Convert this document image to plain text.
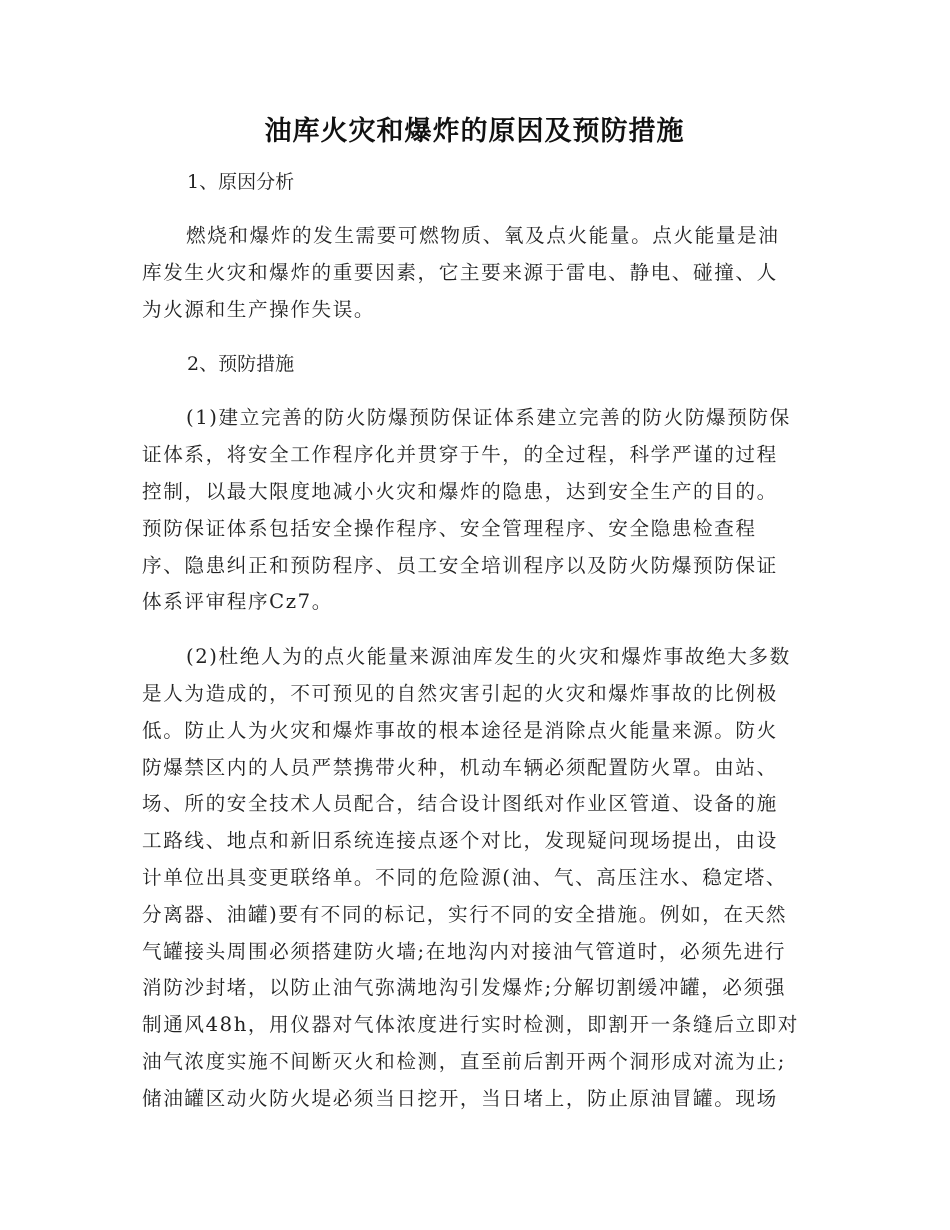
油库火灾和爆炸的原因及预防措施
1、原因分析

燃烧和爆炸的发生需要可燃物质、氧及点火能量。点火能量是油
库发生火灾和爆炸的重要因素，它主要来源于雷电、静电、碰撞、人
为火源和生产操作失误。

2、预防措施

(1)建立完善的防火防爆预防保证体系建立完善的防火防爆预防保
证体系，将安全工作程序化并贯穿于牛，的全过程，科学严谨的过程
控制，以最大限度地减小火灾和爆炸的隐患，达到安全生产的目的。
预防保证体系包括安全操作程序、安全管理程序、安全隐患检查程
序、隐患纠正和预防程序、员工安全培训程序以及防火防爆预防保证
体系评审程序Cz7。

(2)杜绝人为的点火能量来源油库发生的火灾和爆炸事故绝大多数
是人为造成的，不可预见的自然灾害引起的火灾和爆炸事故的比例极
低。防止人为火灾和爆炸事故的根本途径是消除点火能量来源。防火
防爆禁区内的人员严禁携带火种，机动车辆必须配置防火罩。由站、
场、所的安全技术人员配合，结合设计图纸对作业区管道、设备的施
工路线、地点和新旧系统连接点逐个对比，发现疑问现场提出，由设
计单位出具变更联络单。不同的危险源(油、气、高压注水、稳定塔、
分离器、油罐)要有不同的标记，实行不同的安全措施。例如，在天然
气罐接头周围必须搭建防火墙;在地沟内对接油气管道时，必须先进行
消防沙封堵，以防止油气弥满地沟引发爆炸;分解切割缓冲罐，必须强
制通风48h，用仪器对气体浓度进行实时检测，即割开一条缝后立即对
油气浓度实施不间断灭火和检测，直至前后割开两个洞形成对流为止;
储油罐区动火防火堤必须当日挖开，当日堵上，防止原油冒罐。现场
